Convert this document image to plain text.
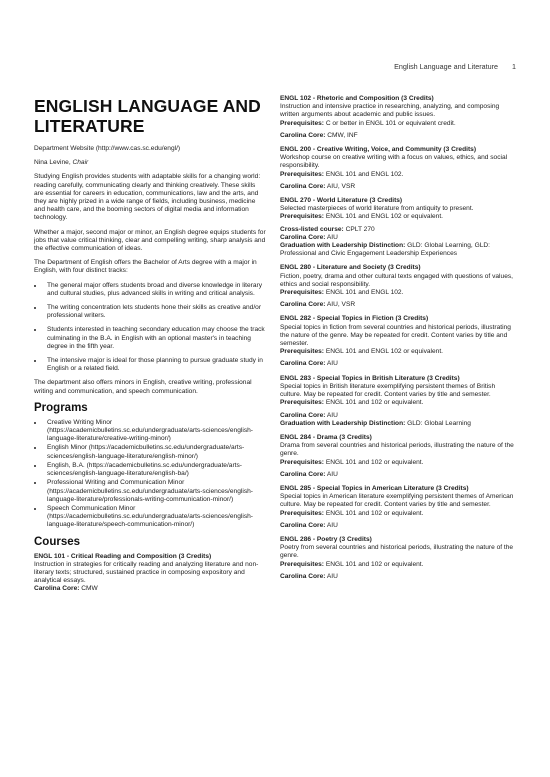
English Language and Literature 1
ENGLISH LANGUAGE AND
LITERATURE

Department Website (http://www.cas.sc.edu/engl/)

Nina Levine, Chair

Studying English provides students with adaptable skills for a changing world: reading carefully, communicating clearly and thinking creatively. These skills are essential for careers in education, communications, law and the arts, and they are highly prized in a wide range of fields, including business, medicine and health care, and the booming sectors of digital media and information technology.

Whether a major, second major or minor, an English degree equips students for jobs that value critical thinking, clear and compelling writing, sharp analysis and the effective communication of ideas.

The Department of English offers the Bachelor of Arts degree with a major in English, with four distinct tracks:

• The general major offers students broad and diverse knowledge in literary and cultural studies, plus advanced skills in writing and critical analysis.
• The writing concentration lets students hone their skills as creative and/or professional writers.
• Students interested in teaching secondary education may choose the track culminating in the B.A. in English with an optional master's in teaching degree in the fifth year.
• The intensive major is ideal for those planning to pursue graduate study in English or a related field.

The department also offers minors in English, creative writing, professional writing and communication, and speech communication.

Programs
• Creative Writing Minor (https://academicbulletins.sc.edu/undergraduate/arts-sciences/english-language-literature/creative-writing-minor/)
• English Minor (https://academicbulletins.sc.edu/undergraduate/arts-sciences/english-language-literature/english-minor/)
• English, B.A. (https://academicbulletins.sc.edu/undergraduate/arts-sciences/english-language-literature/english-ba/)
• Professional Writing and Communication Minor (https://academicbulletins.sc.edu/undergraduate/arts-sciences/english-language-literature/professionals-writing-communication-minor/)
• Speech Communication Minor (https://academicbulletins.sc.edu/undergraduate/arts-sciences/english-language-literature/speech-communication-minor/)
Courses
ENGL 101 - Critical Reading and Composition (3 Credits)
Instruction in strategies for critically reading and analyzing literature and non-literary texts; structured, sustained practice in composing expository and analytical essays.
Carolina Core: CMW
ENGL 102 - Rhetoric and Composition (3 Credits)
Instruction and intensive practice in researching, analyzing, and composing written arguments about academic and public issues.
Prerequisites: C or better in ENGL 101 or equivalent credit.
Carolina Core: CMW, INF
ENGL 200 - Creative Writing, Voice, and Community (3 Credits)
Workshop course on creative writing with a focus on values, ethics, and social responsibility.
Prerequisites: ENGL 101 and ENGL 102.
Carolina Core: AIU, VSR
ENGL 270 - World Literature (3 Credits)
Selected masterpieces of world literature from antiquity to present.
Prerequisites: ENGL 101 and ENGL 102 or equivalent.
Cross-listed course: CPLT 270
Carolina Core: AIU
Graduation with Leadership Distinction: GLD: Global Learning, GLD: Professional and Civic Engagement Leadership Experiences
ENGL 280 - Literature and Society (3 Credits)
Fiction, poetry, drama and other cultural texts engaged with questions of values, ethics and social responsibility.
Prerequisites: ENGL 101 and ENGL 102.
Carolina Core: AIU, VSR
ENGL 282 - Special Topics in Fiction (3 Credits)
Special topics in fiction from several countries and historical periods, illustrating the nature of the genre. May be repeated for credit. Content varies by title and semester.
Prerequisites: ENGL 101 and ENGL 102 or equivalent.
Carolina Core: AIU
ENGL 283 - Special Topics in British Literature (3 Credits)
Special topics in British literature exemplifying persistent themes of British culture. May be repeated for credit. Content varies by title and semester.
Prerequisites: ENGL 101 and 102 or equivalent.
Carolina Core: AIU
Graduation with Leadership Distinction: GLD: Global Learning
ENGL 284 - Drama (3 Credits)
Drama from several countries and historical periods, illustrating the nature of the genre.
Prerequisites: ENGL 101 and 102 or equivalent.
Carolina Core: AIU
ENGL 285 - Special Topics in American Literature (3 Credits)
Special topics in American literature exemplifying persistent themes of American culture. May be repeated for credit. Content varies by title and semester.
Prerequisites: ENGL 101 and 102 or equivalent.
Carolina Core: AIU
ENGL 286 - Poetry (3 Credits)
Poetry from several countries and historical periods, illustrating the nature of the genre.
Prerequisites: ENGL 101 and 102 or equivalent.
Carolina Core: AIU
